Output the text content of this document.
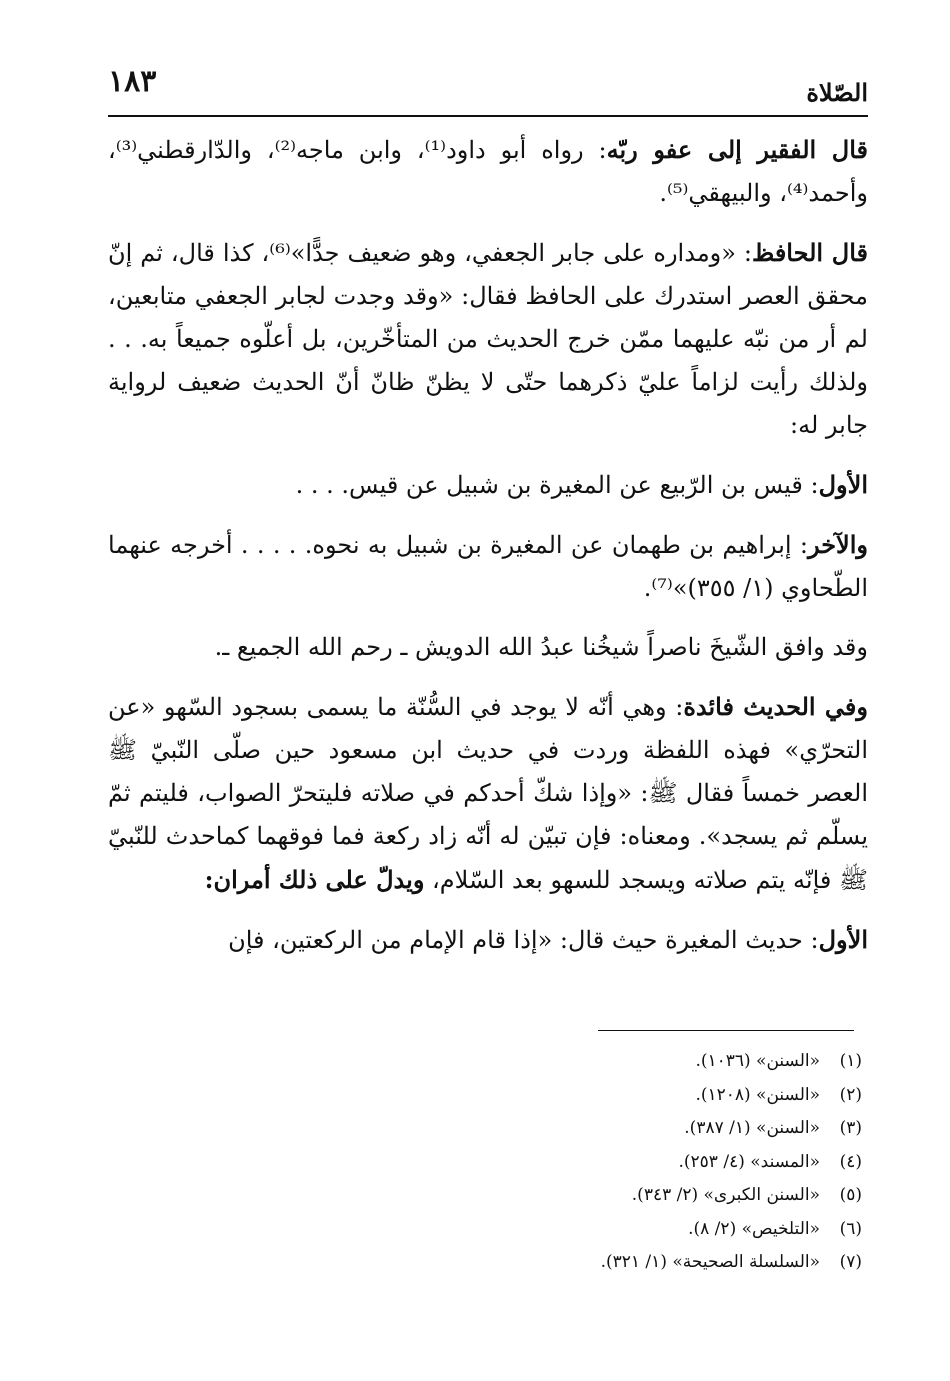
الصّلاة
١٨٣

قال الفقير إلى عفو ربّه: رواه أبو داود⁽¹⁾، وابن ماجه⁽²⁾، والدّارقطني⁽³⁾، وأحمد⁽⁴⁾، والبيهقي⁽⁵⁾.

قال الحافظ: «ومداره على جابر الجعفي، وهو ضعيف جدًّا»⁽⁶⁾، كذا قال، ثم إنّ محقق العصر استدرك على الحافظ فقال: «وقد وجدت لجابر الجعفي متابعين، لم أر من نبّه عليهما ممّن خرج الحديث من المتأخّرين، بل أعلّوه جميعاً به. . . ولذلك رأيت لزاماً عليّ ذكرهما حتّى لا يظنّ ظانّ أنّ الحديث ضعيف لرواية جابر له:

الأول: قيس بن الرّبيع عن المغيرة بن شبيل عن قيس. . . .

والآخر: إبراهيم بن طهمان عن المغيرة بن شبيل به نحوه. . . . . أخرجه عنهما الطّحاوي (١/ ٣٥٥)»⁽⁷⁾.

وقد وافق الشّيخَ ناصراً شيخُنا عبدُ الله الدويش ـ رحم الله الجميع ـ.

وفي الحديث فائدة: وهي أنّه لا يوجد في السُّنّة ما يسمى بسجود السّهو «عن التحرّي» فهذه اللفظة وردت في حديث ابن مسعود حين صلّى النّبيّ ﷺ العصر خمساً فقال ﷺ: «وإذا شكّ أحدكم في صلاته فليتحرّ الصواب، فليتم ثمّ يسلّم ثم يسجد». ومعناه: فإن تبيّن له أنّه زاد ركعة فما فوقهما كماحدث للنّبيّ ﷺ فإنّه يتم صلاته ويسجد للسهو بعد السّلام، ويدلّ على ذلك أمران:

الأول: حديث المغيرة حيث قال: «إذا قام الإمام من الركعتين، فإن

(١)«السنن» (١٠٣٦).
(٢)«السنن» (١٢٠٨).
(٣)«السنن» (١/ ٣٨٧).
(٤)«المسند» (٤/ ٢٥٣).
(٥)«السنن الكبرى» (٢/ ٣٤٣).
(٦)«التلخيص» (٢/ ٨).
(٧)«السلسلة الصحيحة» (١/ ٣٢١).
